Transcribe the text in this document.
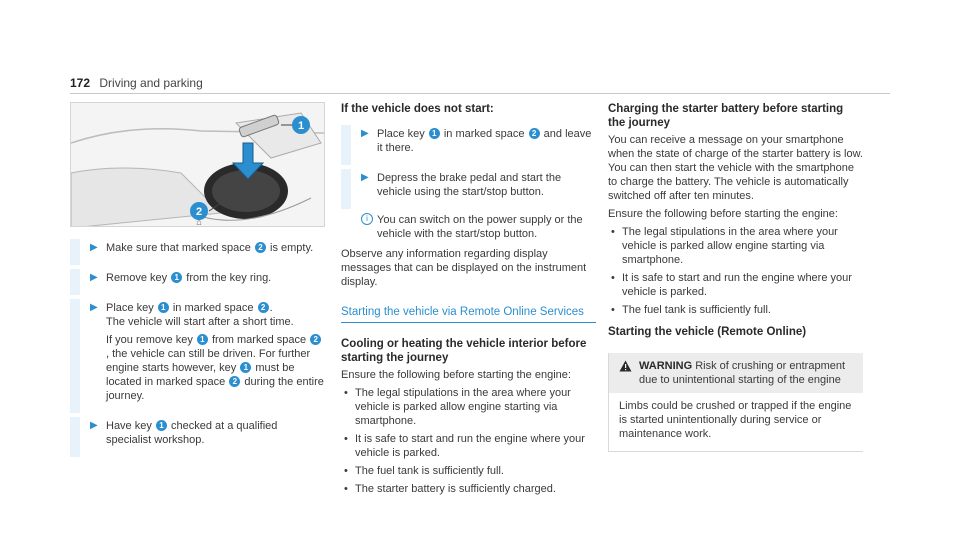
172 Driving and parking
1
2
⌂
▶ Make sure that marked space 2 is empty.

▶ Remove key 1 from the key ring.

▶ Place key 1 in marked space 2 .
The vehicle will start after a short time.

If you remove key 1 from marked space 2, the vehicle can still be driven. For further engine starts however, key 1 must be located in marked space 2 during the entire journey.

▶ Have key 1 checked at a qualified specialist workshop.

If the vehicle does not start:
▶ Place key 1 in marked space 2 and leave it there.

▶ Depress the brake pedal and start the vehicle using the start/stop button.

i You can switch on the power supply or the vehicle with the start/stop button.
Observe any information regarding display messages that can be displayed on the instrument display.
Starting the vehicle via Remote Online Services
Cooling or heating the vehicle interior before starting the journey
Ensure the following before starting the engine:
• The legal stipulations in the area where your vehicle is parked allow engine starting via smartphone.
• It is safe to start and run the engine where your vehicle is parked.
• The fuel tank is sufficiently full.
• The starter battery is sufficiently charged.
Charging the starter battery before starting the journey
You can receive a message on your smartphone when the state of charge of the starter battery is low. You can then start the vehicle with the smartphone to charge the battery. The vehicle is automatically switched off after ten minutes.
Ensure the following before starting the engine:
• The legal stipulations in the area where your vehicle is parked allow engine starting via smartphone.
• It is safe to start and run the engine where your vehicle is parked.
• The fuel tank is sufficiently full.
Starting the vehicle (Remote Online)
WARNING Risk of crushing or entrapment due to unintentional starting of the engine
Limbs could be crushed or trapped if the engine is started unintentionally during service or maintenance work.
